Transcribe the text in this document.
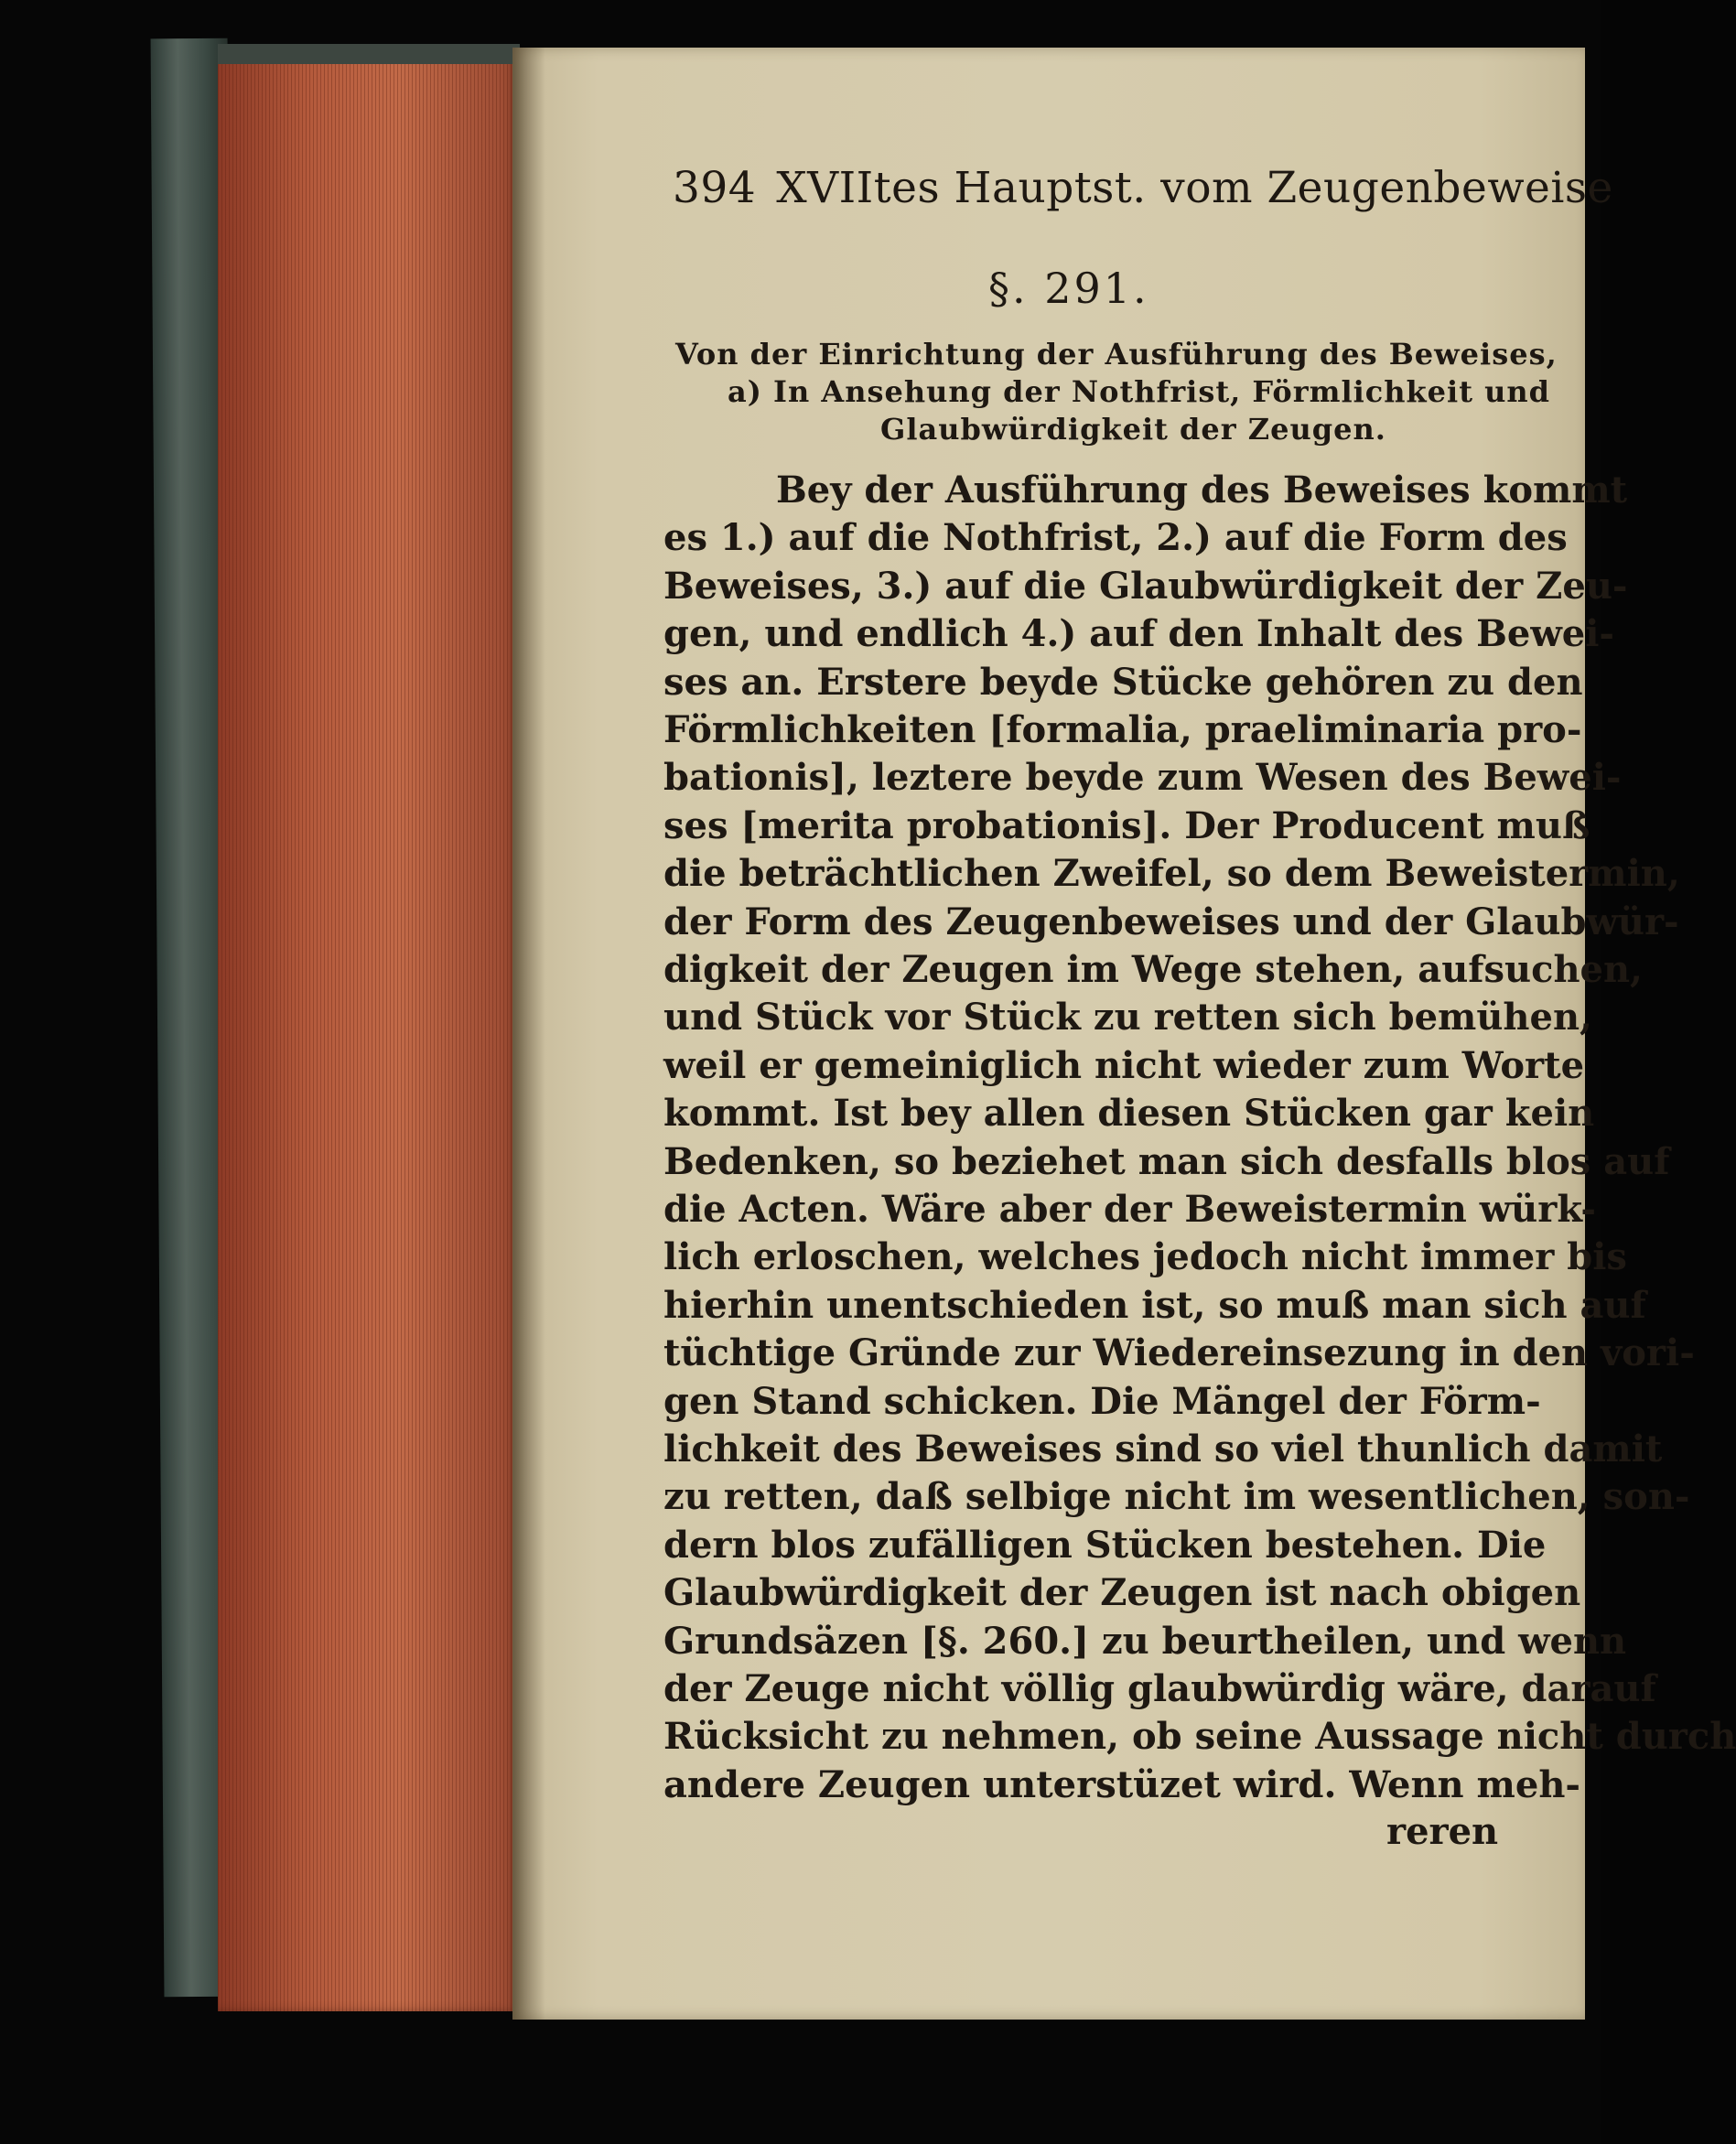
394 XVIItes Hauptst. vom Zeugenbeweise

§. 291.

Von der Einrichtung der Ausführung des Beweises,

a) In Ansehung der Nothfrist, Förmlichkeit und

Glaubwürdigkeit der Zeugen.

Bey der Ausführung des Beweises kommt

es 1.) auf die Nothfrist, 2.) auf die Form des

Beweises, 3.) auf die Glaubwürdigkeit der Zeu-

gen, und endlich 4.) auf den Inhalt des Bewei-

ses an. Erstere beyde Stücke gehören zu den

Förmlichkeiten [formalia, praeliminaria pro-

bationis], leztere beyde zum Wesen des Bewei-

ses [merita probationis]. Der Producent muß

die beträchtlichen Zweifel, so dem Beweistermin,

der Form des Zeugenbeweises und der Glaubwür-

digkeit der Zeugen im Wege stehen, aufsuchen,

und Stück vor Stück zu retten sich bemühen,

weil er gemeiniglich nicht wieder zum Worte

kommt. Ist bey allen diesen Stücken gar kein

Bedenken, so beziehet man sich desfalls blos auf

die Acten. Wäre aber der Beweistermin würk-

lich erloschen, welches jedoch nicht immer bis

hierhin unentschieden ist, so muß man sich auf

tüchtige Gründe zur Wiedereinsezung in den vori-

gen Stand schicken. Die Mängel der Förm-

lichkeit des Beweises sind so viel thunlich damit

zu retten, daß selbige nicht im wesentlichen, son-

dern blos zufälligen Stücken bestehen. Die

Glaubwürdigkeit der Zeugen ist nach obigen

Grundsäzen [§. 260.] zu beurtheilen, und wenn

der Zeuge nicht völlig glaubwürdig wäre, darauf

Rücksicht zu nehmen, ob seine Aussage nicht durch

andere Zeugen unterstüzet wird. Wenn meh-

reren
